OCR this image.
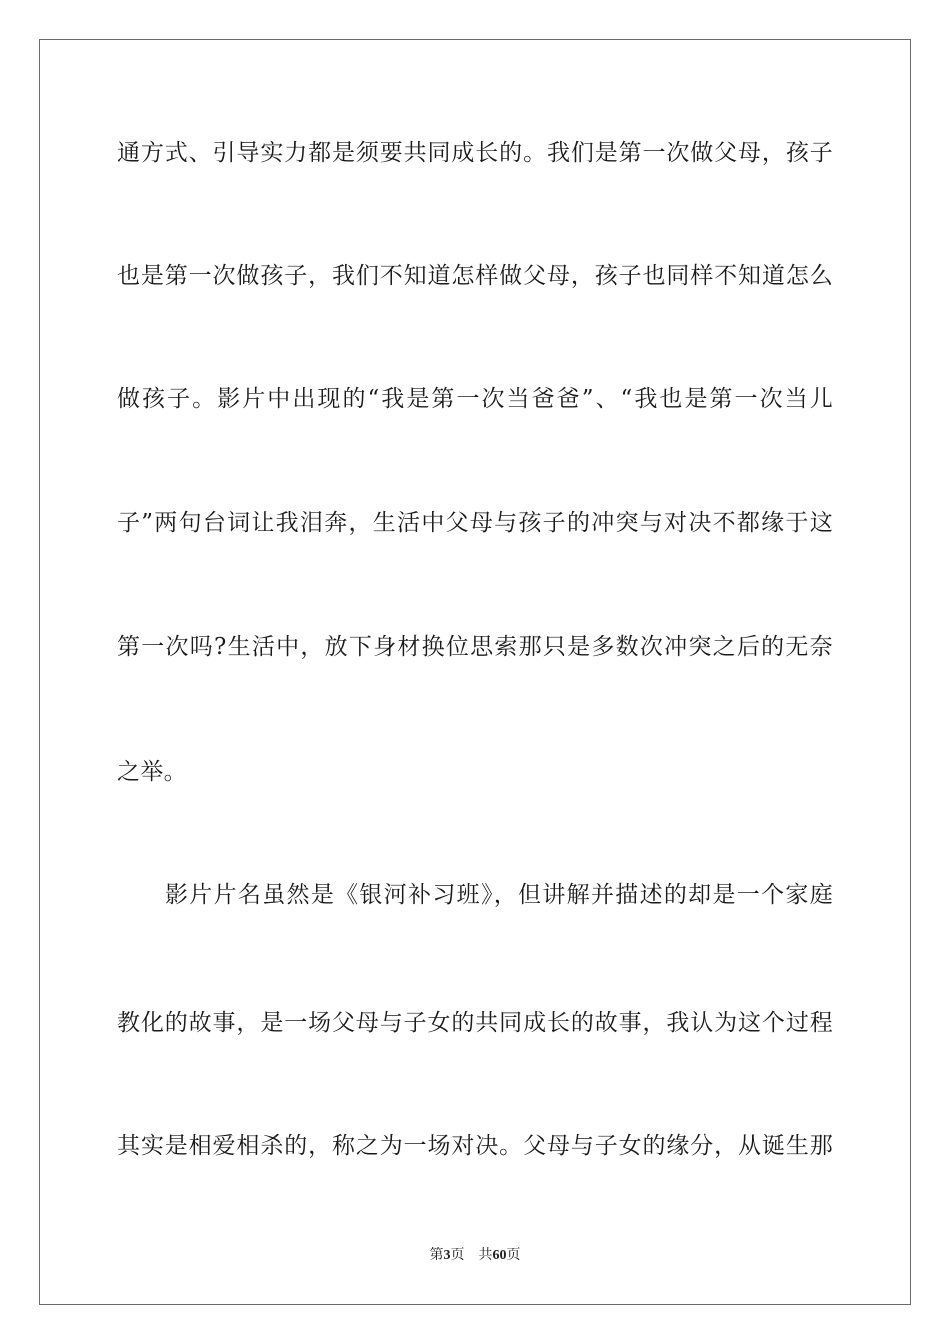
通方式、引导实力都是须要共同成长的。我们是第一次做父母，孩子
也是第一次做孩子，我们不知道怎样做父母，孩子也同样不知道怎么
做孩子。影片中出现的“我是第一次当爸爸”、“我也是第一次当儿
子”两句台词让我泪奔，生活中父母与孩子的冲突与对决不都缘于这
第一次吗?生活中，放下身材换位思索那只是多数次冲突之后的无奈
之举。
影片片名虽然是《银河补习班》，但讲解并描述的却是一个家庭
教化的故事，是一场父母与子女的共同成长的故事，我认为这个过程
其实是相爱相杀的，称之为一场对决。父母与子女的缘分，从诞生那
第3页 共60页
